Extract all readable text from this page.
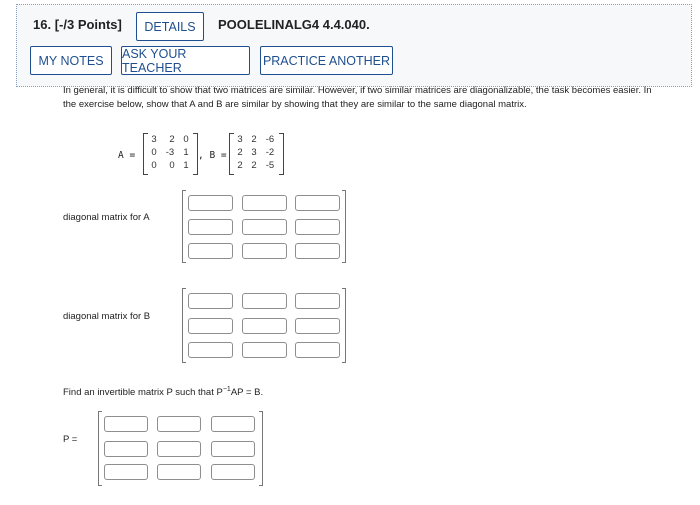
16. [-/3 Points] DETAILS POOLELINALG4 4.4.040.
MY NOTES ASK YOUR TEACHER	PRACTICE ANOTHER
In general, it is difficult to show that two matrices are similar. However, if two similar matrices are diagonalizable, the task becomes easier. In the exercise below, show that A and B are similar by showing that they are similar to the same diagonal matrix.
A =
3	2 0
0 -3 1
0	0 1
, B =
3 2 -6
2 3 -2
2 2 -5
diagonal matrix for A
diagonal matrix for B
Find an invertible matrix P such that $P^{-1}AP = B$.
P =
